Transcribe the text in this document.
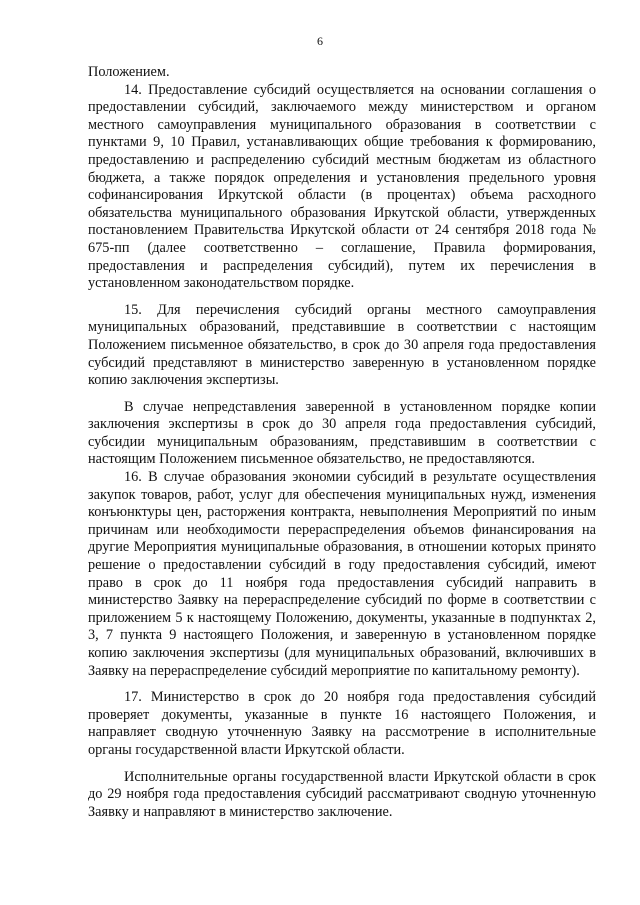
6

Положением.

14. Предоставление субсидий осуществляется на основании соглашения о предоставлении субсидий, заключаемого между министерством и органом местного самоуправления муниципального образования в соответствии с пунктами 9, 10 Правил, устанавливающих общие требования к формированию, предоставлению и распределению субсидий местным бюджетам из областного бюджета, а также порядок определения и установления предельного уровня софинансирования Иркутской области (в процентах) объема расходного обязательства муниципального образования Иркутской области, утвержденных постановлением Правительства Иркутской области от 24 сентября 2018 года № 675-пп (далее соответственно – соглашение, Правила формирования, предоставления и распределения субсидий), путем их перечисления в установленном законодательством порядке.

15. Для перечисления субсидий органы местного самоуправления муниципальных образований, представившие в соответствии с настоящим Положением письменное обязательство, в срок до 30 апреля года предоставления субсидий представляют в министерство заверенную в установленном порядке копию заключения экспертизы.

В случае непредставления заверенной в установленном порядке копии заключения экспертизы в срок до 30 апреля года предоставления субсидий, субсидии муниципальным образованиям, представившим в соответствии с настоящим Положением письменное обязательство, не предоставляются.

16. В случае образования экономии субсидий в результате осуществления закупок товаров, работ, услуг для обеспечения муниципальных нужд, изменения конъюнктуры цен, расторжения контракта, невыполнения Мероприятий по иным причинам или необходимости перераспределения объемов финансирования на другие Мероприятия муниципальные образования, в отношении которых принято решение о предоставлении субсидий в году предоставления субсидий, имеют право в срок до 11 ноября года предоставления субсидий направить в министерство Заявку на перераспределение субсидий по форме в соответствии с приложением 5 к настоящему Положению, документы, указанные в подпунктах 2, 3, 7 пункта 9 настоящего Положения, и заверенную в установленном порядке копию заключения экспертизы (для муниципальных образований, включивших в Заявку на перераспределение субсидий мероприятие по капитальному ремонту).

17. Министерство в срок до 20 ноября года предоставления субсидий проверяет документы, указанные в пункте 16 настоящего Положения, и направляет сводную уточненную Заявку на рассмотрение в исполнительные органы государственной власти Иркутской области.

Исполнительные органы государственной власти Иркутской области в срок до 29 ноября года предоставления субсидий рассматривают сводную уточненную Заявку и направляют в министерство заключение.
